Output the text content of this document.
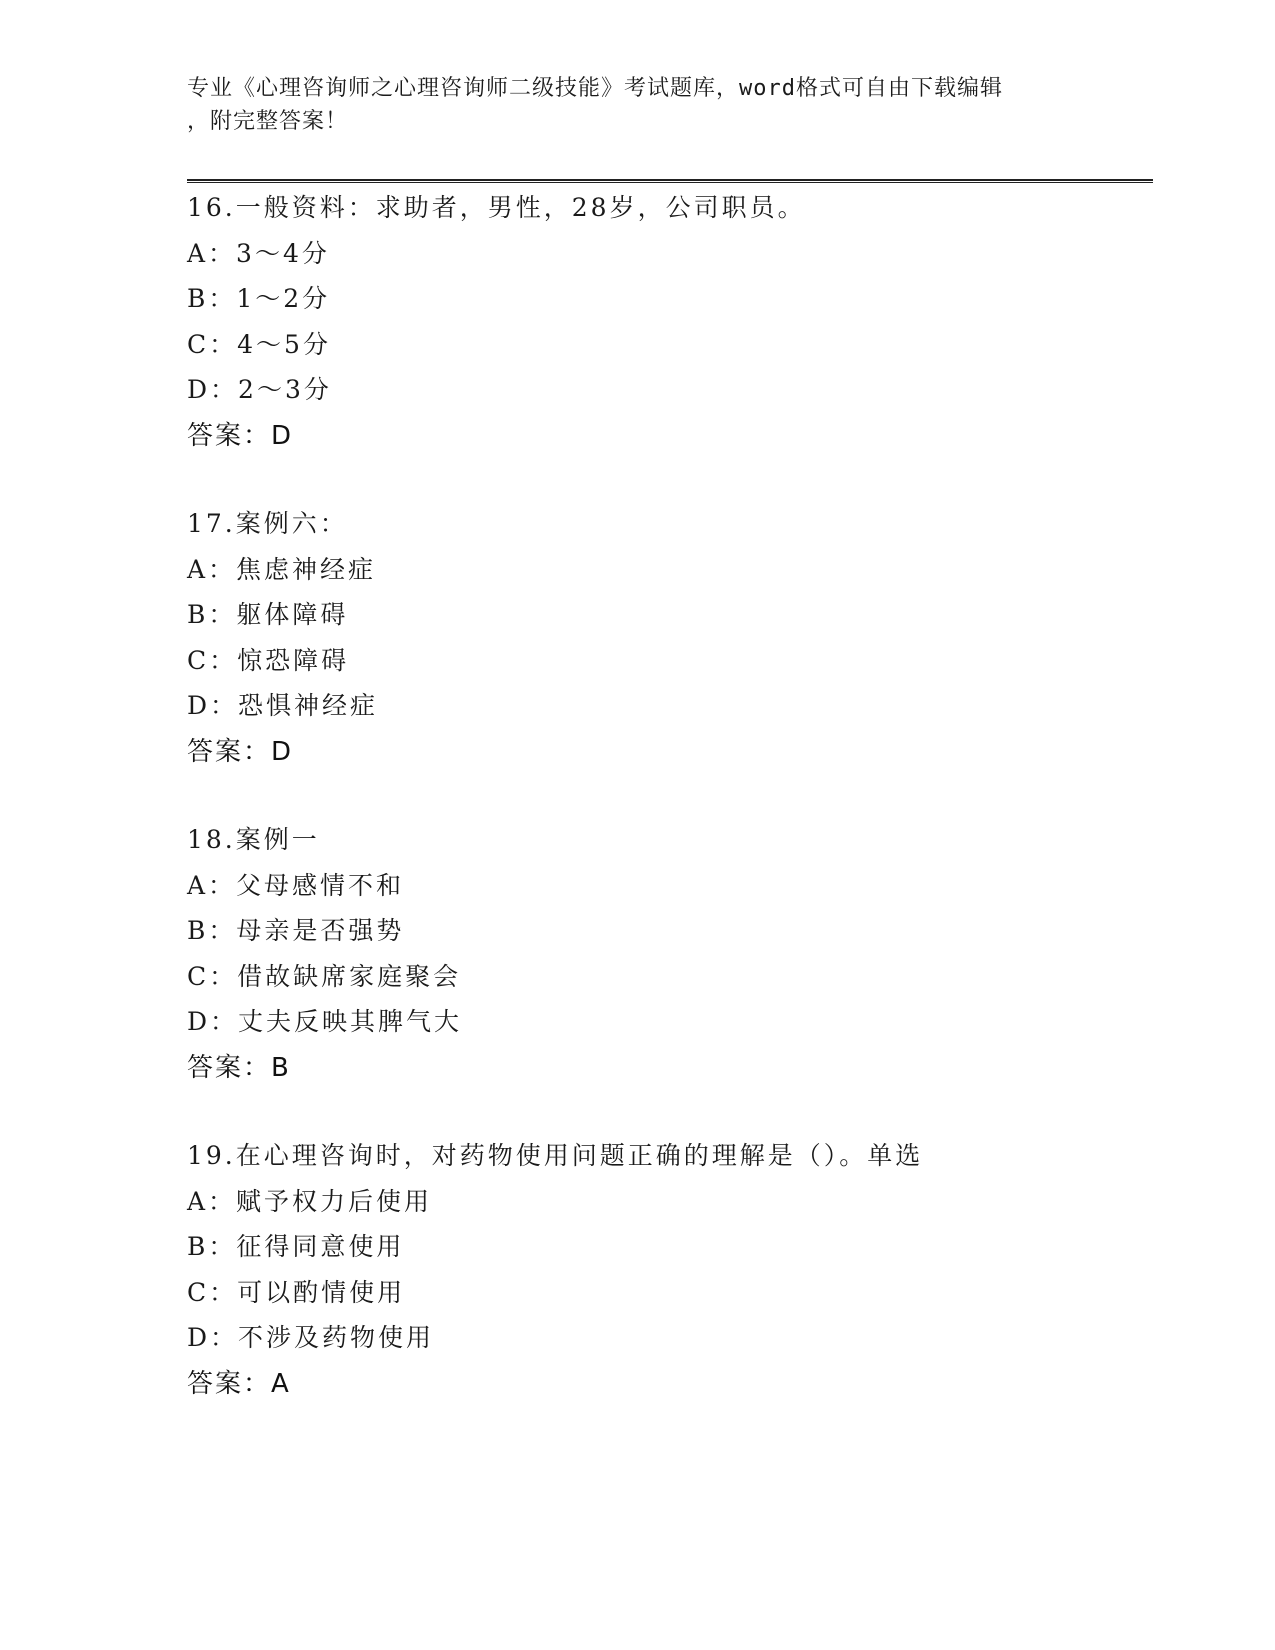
专业《心理咨询师之心理咨询师二级技能》考试题库，word格式可自由下载编辑
，附完整答案！
16.一般资料：求助者，男性，28岁，公司职员。
A：3～4分
B：1～2分
C：4～5分
D：2～3分
答案：D
17.案例六：
A：焦虑神经症
B：躯体障碍
C：惊恐障碍
D：恐惧神经症
答案：D
18.案例一
A：父母感情不和
B：母亲是否强势
C：借故缺席家庭聚会
D：丈夫反映其脾气大
答案：B
19.在心理咨询时，对药物使用问题正确的理解是（）。单选
A：赋予权力后使用
B：征得同意使用
C：可以酌情使用
D：不涉及药物使用
答案：A
